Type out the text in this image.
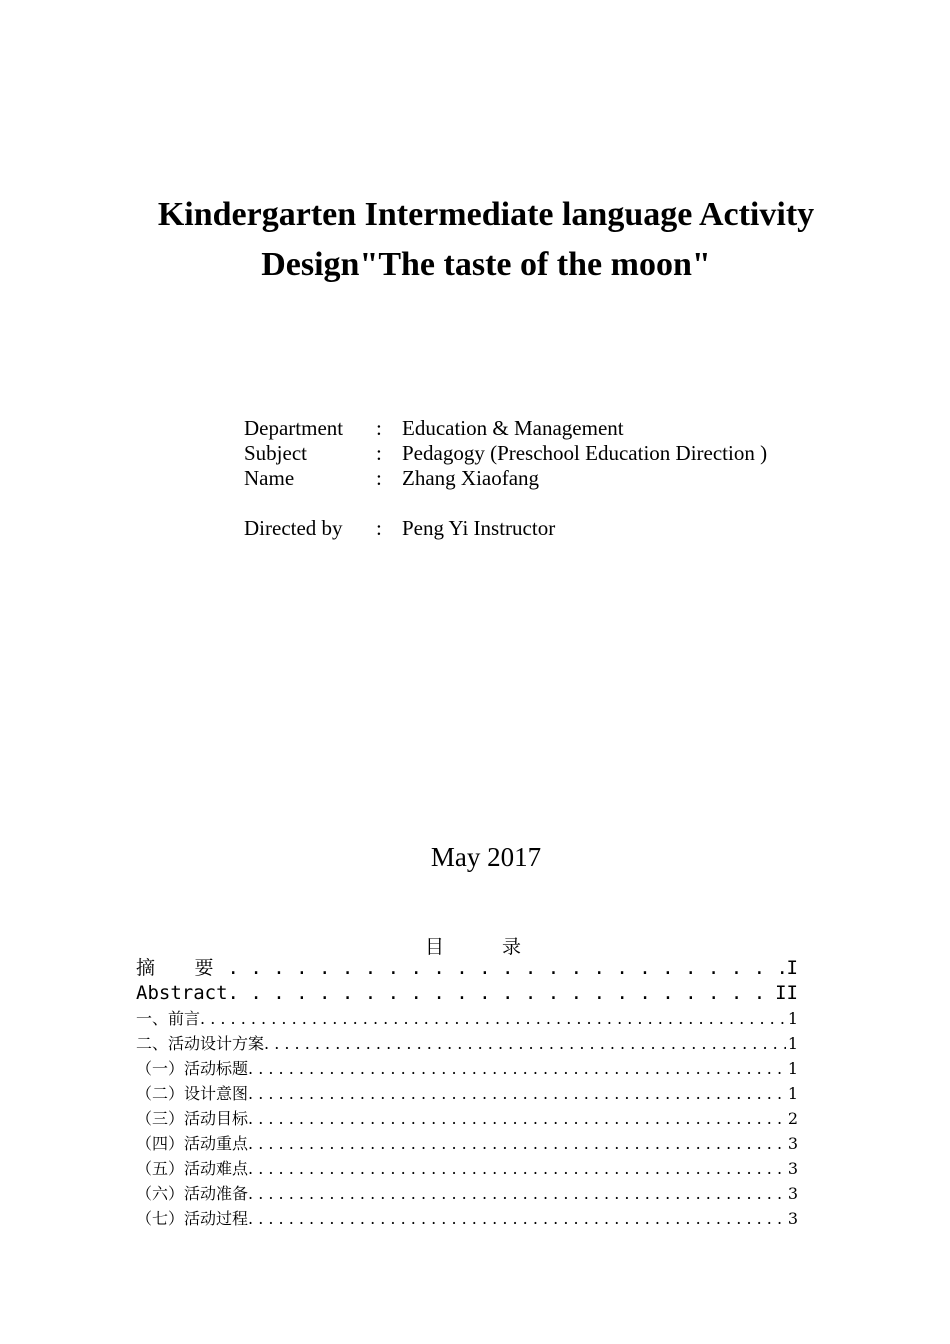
Kindergarten Intermediate language Activity Design"The taste of the moon"
Department : Education & Management
Subject	: Pedagogy (Preschool Education Direction )
Name	: Zhang Xiaofang
Directed by : Peng Yi Instructor
May 2017
目 录
摘 要 . . .	I
Abstract . . .	II
一、前言 . . .	1
二、活动设计方案 . . .	1
（一）活动标题 . . .	1
（二）设计意图 . . .	1
（三）活动目标 . . .	2
（四）活动重点 . . .	3
（五）活动难点 . . .	3
（六）活动准备 . . .	3
（七）活动过程 . . .	3
